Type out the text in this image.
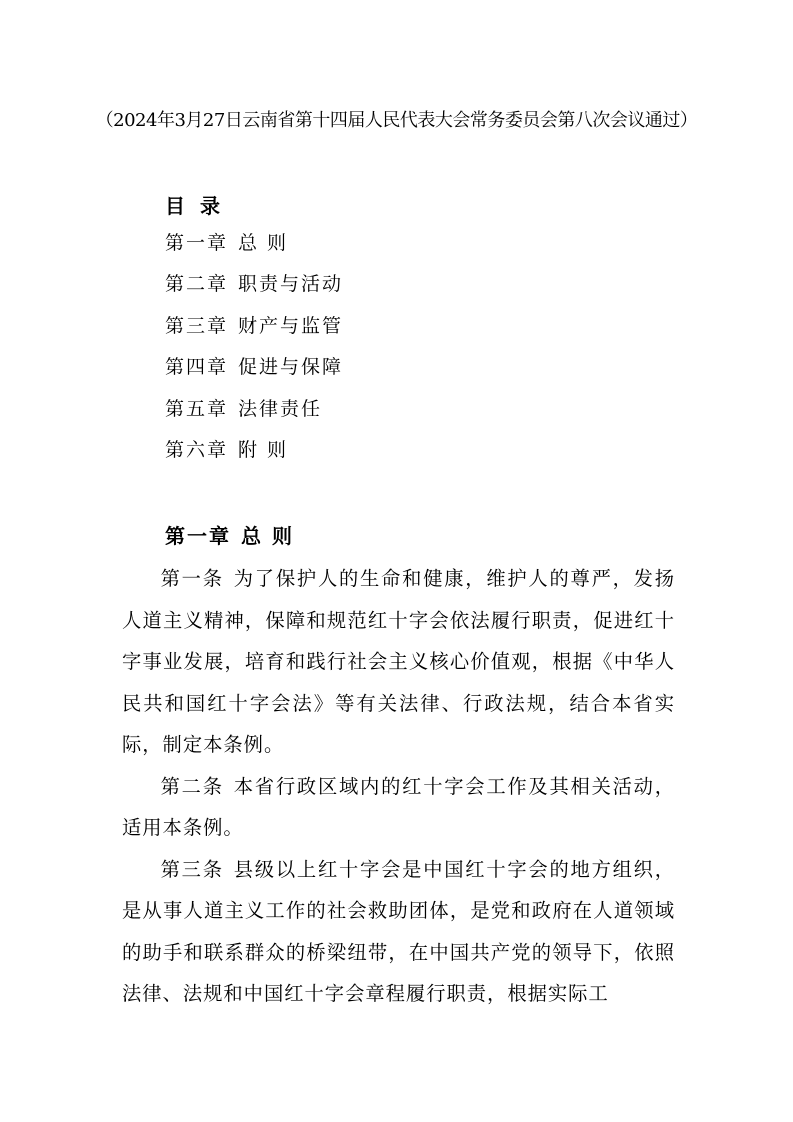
（2024年3月27日云南省第十四届人民代表大会常务委员会第八次会议通过）
目 录
第一章 总 则
第二章 职责与活动
第三章 财产与监管
第四章 促进与保障
第五章 法律责任
第六章 附 则
第一章 总 则

第一条 为了保护人的生命和健康，维护人的尊严，发扬人道主义精神，保障和规范红十字会依法履行职责，促进红十字事业发展，培育和践行社会主义核心价值观，根据《中华人民共和国红十字会法》等有关法律、行政法规，结合本省实际，制定本条例。

第二条 本省行政区域内的红十字会工作及其相关活动，适用本条例。

第三条 县级以上红十字会是中国红十字会的地方组织，是从事人道主义工作的社会救助团体，是党和政府在人道领域的助手和联系群众的桥梁纽带，在中国共产党的领导下，依照法律、法规和中国红十字会章程履行职责，根据实际工
